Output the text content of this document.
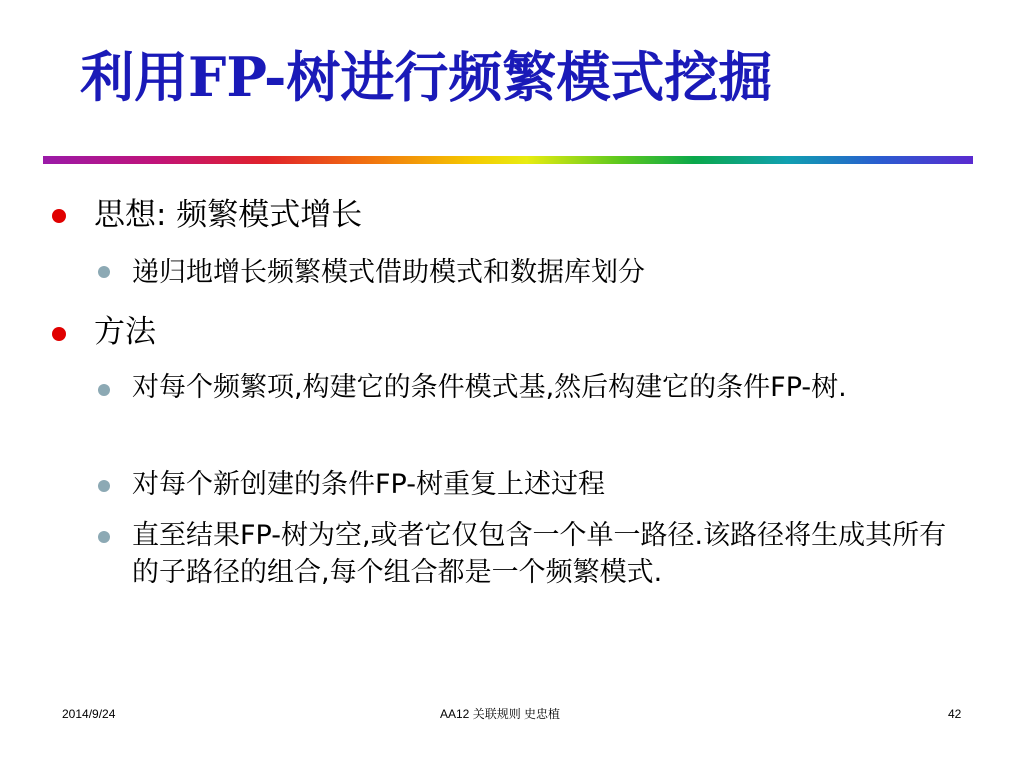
利用FP-树进行频繁模式挖掘
思想: 频繁模式增长
递归地增长频繁模式借助模式和数据库划分
方法
对每个频繁项,构建它的条件模式基,然后构建它的条件FP-树.
对每个新创建的条件FP-树重复上述过程
直至结果FP-树为空,或者它仅包含一个单一路径.该路径将生成其所有的子路径的组合,每个组合都是一个频繁模式.
2014/9/24	AA12 关联规则 史忠植	42
